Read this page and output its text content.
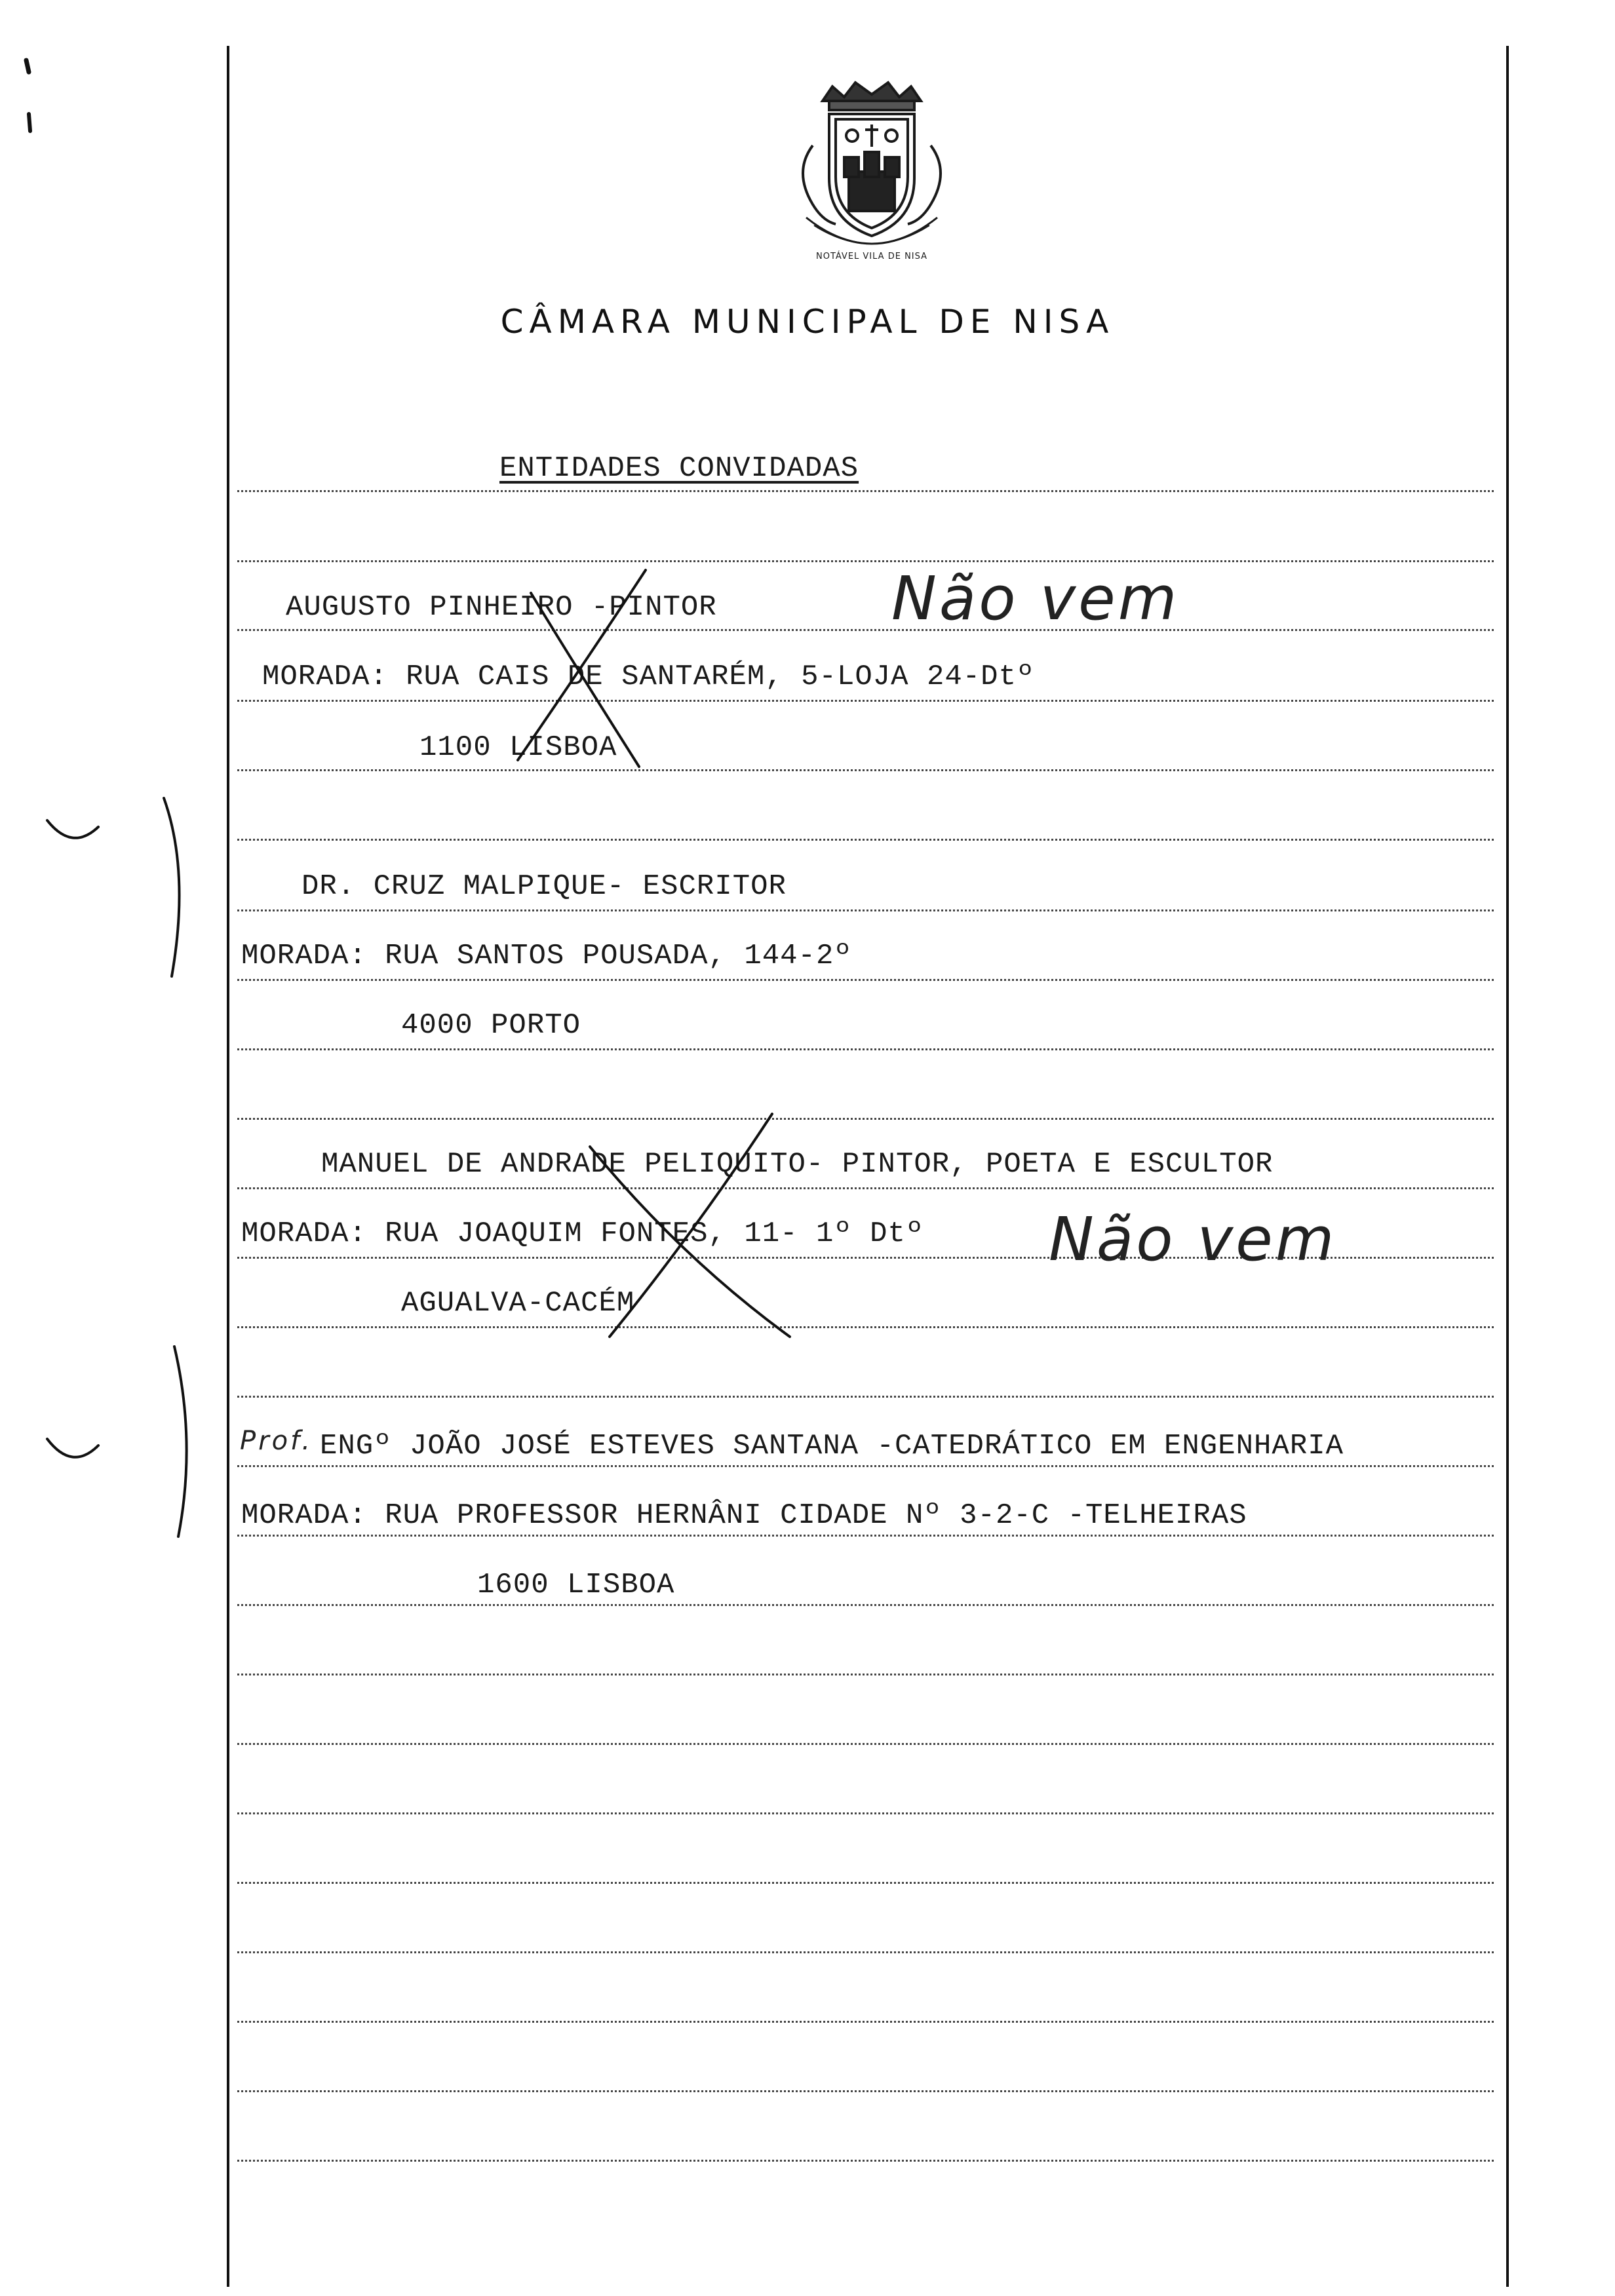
NOTÁVEL VILA DE NISA
CÂMARA MUNICIPAL DE NISA
ENTIDADES CONVIDADAS
AUGUSTO PINHEIRO -PINTOR
MORADA: RUA CAIS DE SANTARÉM, 5-LOJA 24-Dtº
1100 LISBOA
Não vem
DR. CRUZ MALPIQUE- ESCRITOR
MORADA: RUA SANTOS POUSADA, 144-2º
4000 PORTO
MANUEL DE ANDRADE PELIQUITO- PINTOR, POETA E ESCULTOR
MORADA: RUA JOAQUIM FONTES, 11- 1º Dtº
AGUALVA-CACÉM
Não vem
Prof. ENGº JOÃO JOSÉ ESTEVES SANTANA -CATEDRÁTICO EM ENGENHARIA
MORADA: RUA PROFESSOR HERNÂNI CIDADE Nº 3-2-C -TELHEIRAS
1600 LISBOA
